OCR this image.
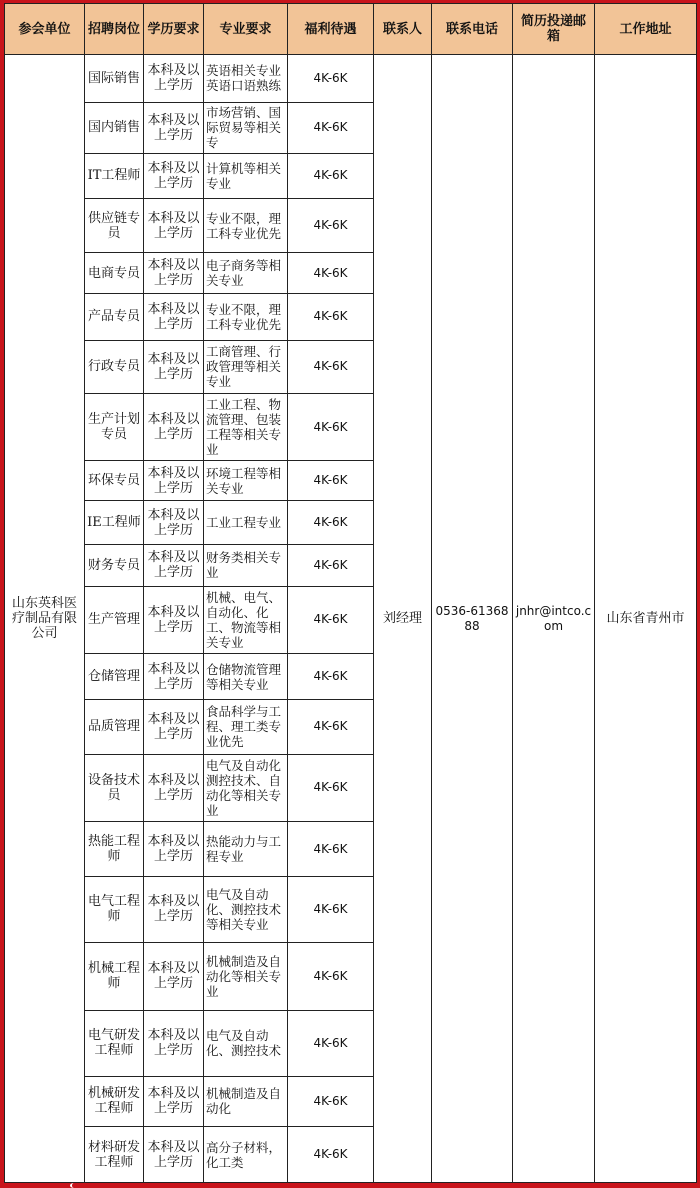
参会单位	招聘岗位	学历要求	专业要求	福利待遇	联系人	联系电话	简历投递邮箱	工作地址
山东英科医疗制品有限公司	国际销售	本科及以上学历	英语相关专业英语口语熟练	4K-6K	刘经理	0536-6136888	jnhr@intco.com	山东省青州市
	国内销售	本科及以上学历	市场营销、国际贸易等相关专	4K-6K				
	IT工程师	本科及以上学历	计算机等相关专业	4K-6K				
	供应链专员	本科及以上学历	专业不限，理工科专业优先	4K-6K				
	电商专员	本科及以上学历	电子商务等相关专业	4K-6K				
	产品专员	本科及以上学历	专业不限，理工科专业优先	4K-6K				
	行政专员	本科及以上学历	工商管理、行政管理等相关专业	4K-6K				
	生产计划专员	本科及以上学历	工业工程、物流管理、包装工程等相关专业	4K-6K				
	环保专员	本科及以上学历	环境工程等相关专业	4K-6K				
	IE工程师	本科及以上学历	工业工程专业	4K-6K				
	财务专员	本科及以上学历	财务类相关专业	4K-6K				
	生产管理	本科及以上学历	机械、电气、自动化、化工、物流等相关专业	4K-6K				
	仓储管理	本科及以上学历	仓储物流管理等相关专业	4K-6K				
	品质管理	本科及以上学历	食品科学与工程、理工类专业优先	4K-6K				
	设备技术员	本科及以上学历	电气及自动化测控技术、自动化等相关专业	4K-6K				
	热能工程师	本科及以上学历	热能动力与工程专业	4K-6K				
	电气工程师	本科及以上学历	电气及自动化、测控技术等相关专业	4K-6K				
	机械工程师	本科及以上学历	机械制造及自动化等相关专业	4K-6K				
	电气研发工程师	本科及以上学历	电气及自动化、测控技术	4K-6K				
	机械研发工程师	本科及以上学历	机械制造及自动化	4K-6K				
	材料研发工程师	本科及以上学历	高分子材料，化工类	4K-6K				
